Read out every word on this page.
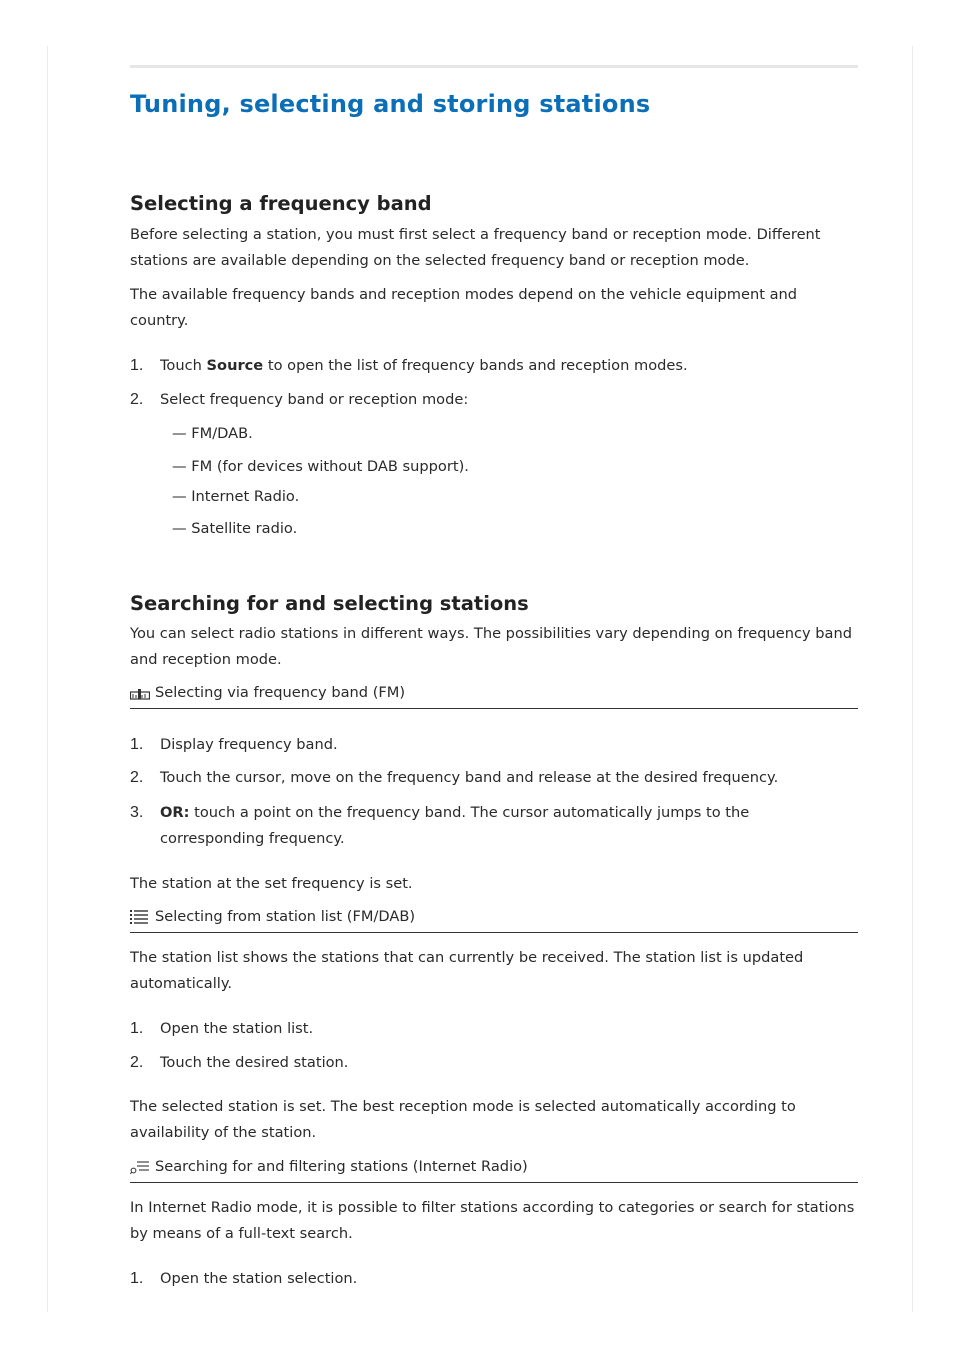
Tuning, selecting and storing stations
Selecting a frequency band

Before selecting a station, you must first select a frequency band or reception mode. Different stations are available depending on the selected frequency band or reception mode.

The available frequency bands and reception modes depend on the vehicle equipment and country.

1. Touch Source to open the list of frequency bands and reception modes.
2. Select frequency band or reception mode:
— FM/DAB.
— FM (for devices without DAB support).
— Internet Radio.
— Satellite radio.
Searching for and selecting stations

You can select radio stations in different ways. The possibilities vary depending on frequency band and reception mode.

Selecting via frequency band (FM)
1. Display frequency band.
2. Touch the cursor, move on the frequency band and release at the desired frequency.
3. OR: touch a point on the frequency band. The cursor automatically jumps to the corresponding frequency.

The station at the set frequency is set.

Selecting from station list (FM/DAB)

The station list shows the stations that can currently be received. The station list is updated automatically.

1. Open the station list.
2. Touch the desired station.

The selected station is set. The best reception mode is selected automatically according to availability of the station.

Searching for and filtering stations (Internet Radio)

In Internet Radio mode, it is possible to filter stations according to categories or search for stations by means of a full-text search.

1. Open the station selection.
